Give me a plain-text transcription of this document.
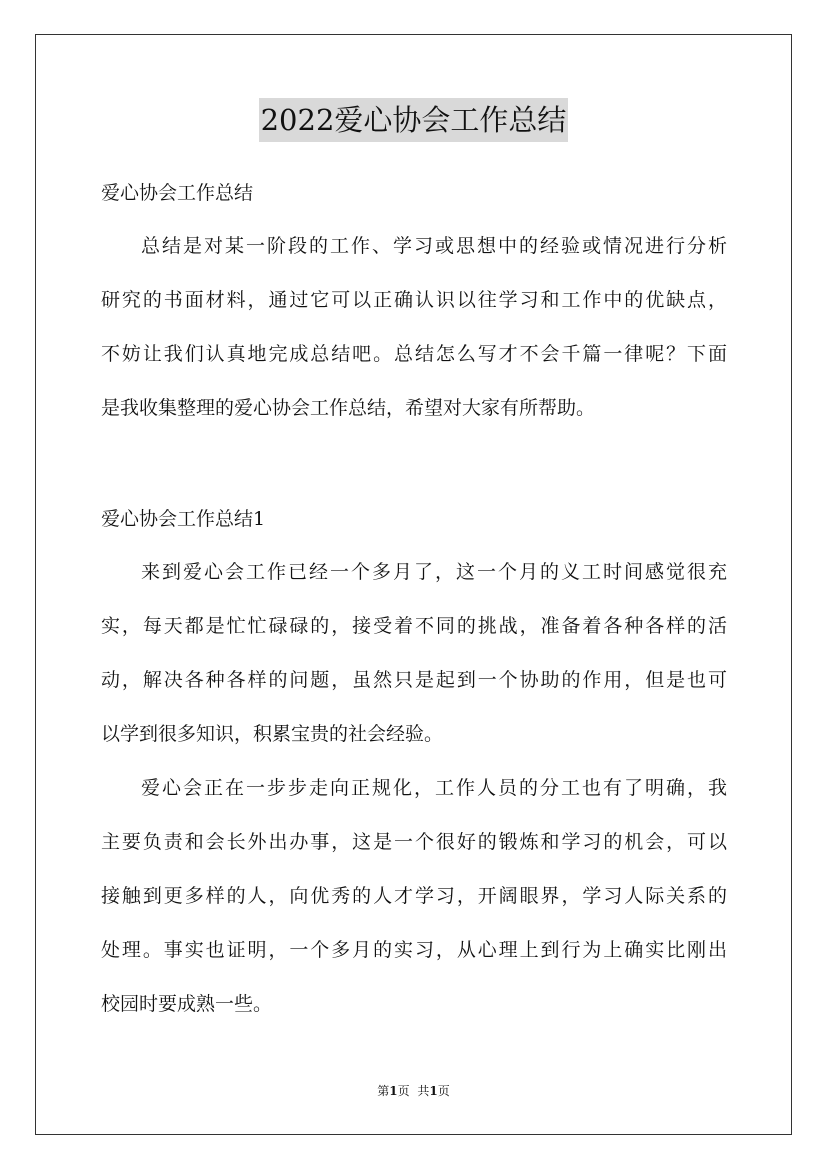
2022爱心协会工作总结
爱心协会工作总结
总结是对某一阶段的工作、学习或思想中的经验或情况进行分析
研究的书面材料，通过它可以正确认识以往学习和工作中的优缺点，
不妨让我们认真地完成总结吧。总结怎么写才不会千篇一律呢？下面
是我收集整理的爱心协会工作总结，希望对大家有所帮助。
爱心协会工作总结1
来到爱心会工作已经一个多月了，这一个月的义工时间感觉很充
实，每天都是忙忙碌碌的，接受着不同的挑战，准备着各种各样的活
动，解决各种各样的问题，虽然只是起到一个协助的作用，但是也可
以学到很多知识，积累宝贵的社会经验。
爱心会正在一步步走向正规化，工作人员的分工也有了明确，我
主要负责和会长外出办事，这是一个很好的锻炼和学习的机会，可以
接触到更多样的人，向优秀的人才学习，开阔眼界，学习人际关系的
处理。事实也证明，一个多月的实习，从心理上到行为上确实比刚出
校园时要成熟一些。
第1页 共1页
